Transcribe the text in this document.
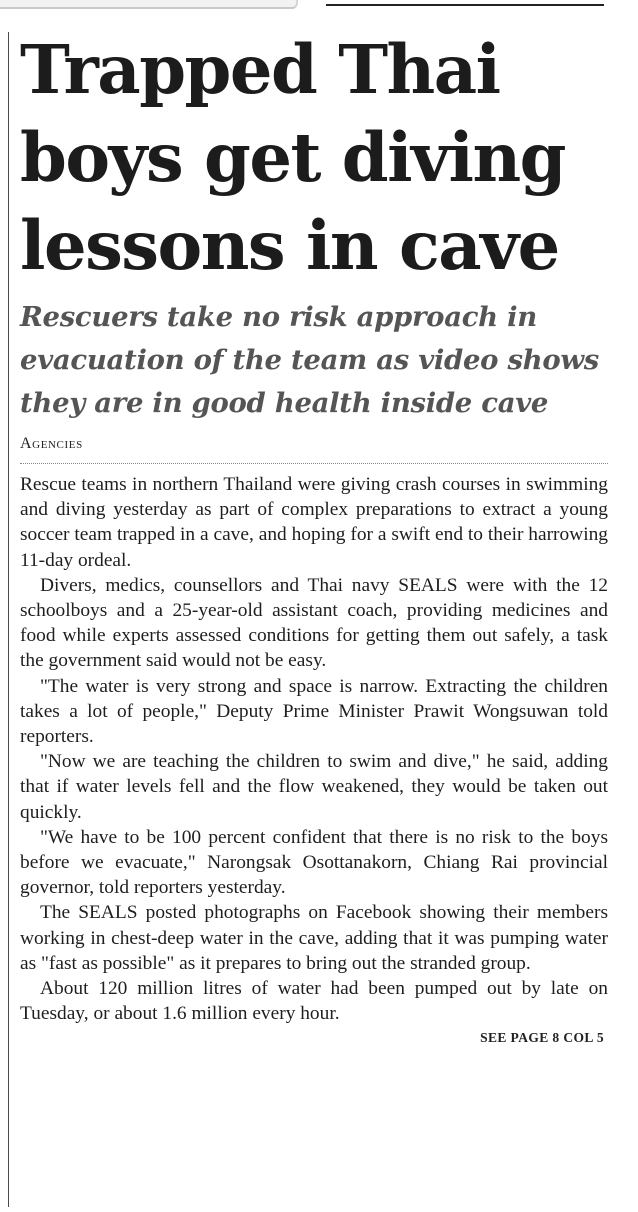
Trapped Thai
boys get diving
lessons in cave
Rescuers take no risk approach in
evacuation of the team as video shows
they are in good health inside cave
Agencies

Rescue teams in northern Thailand were giving crash courses in swimming and diving yesterday as part of complex preparations to extract a young soccer team trapped in a cave, and hoping for a swift end to their harrowing 11-day ordeal.

Divers, medics, counsellors and Thai navy SEALS were with the 12 schoolboys and a 25-year-old assistant coach, providing medicines and food while experts assessed conditions for getting them out safely, a task the government said would not be easy.

"The water is very strong and space is narrow. Extracting the children takes a lot of people," Deputy Prime Minister Prawit Wongsuwan told reporters.

"Now we are teaching the children to swim and dive," he said, adding that if water levels fell and the flow weakened, they would be taken out quickly.

"We have to be 100 percent confident that there is no risk to the boys before we evacuate," Narongsak Osottanakorn, Chiang Rai provincial governor, told reporters yesterday.

The SEALS posted photographs on Facebook showing their members working in chest-deep water in the cave, adding that it was pumping water as "fast as possible" as it prepares to bring out the stranded group.

About 120 million litres of water had been pumped out by late on Tuesday, or about 1.6 million every hour.

SEE PAGE 8 COL 5
